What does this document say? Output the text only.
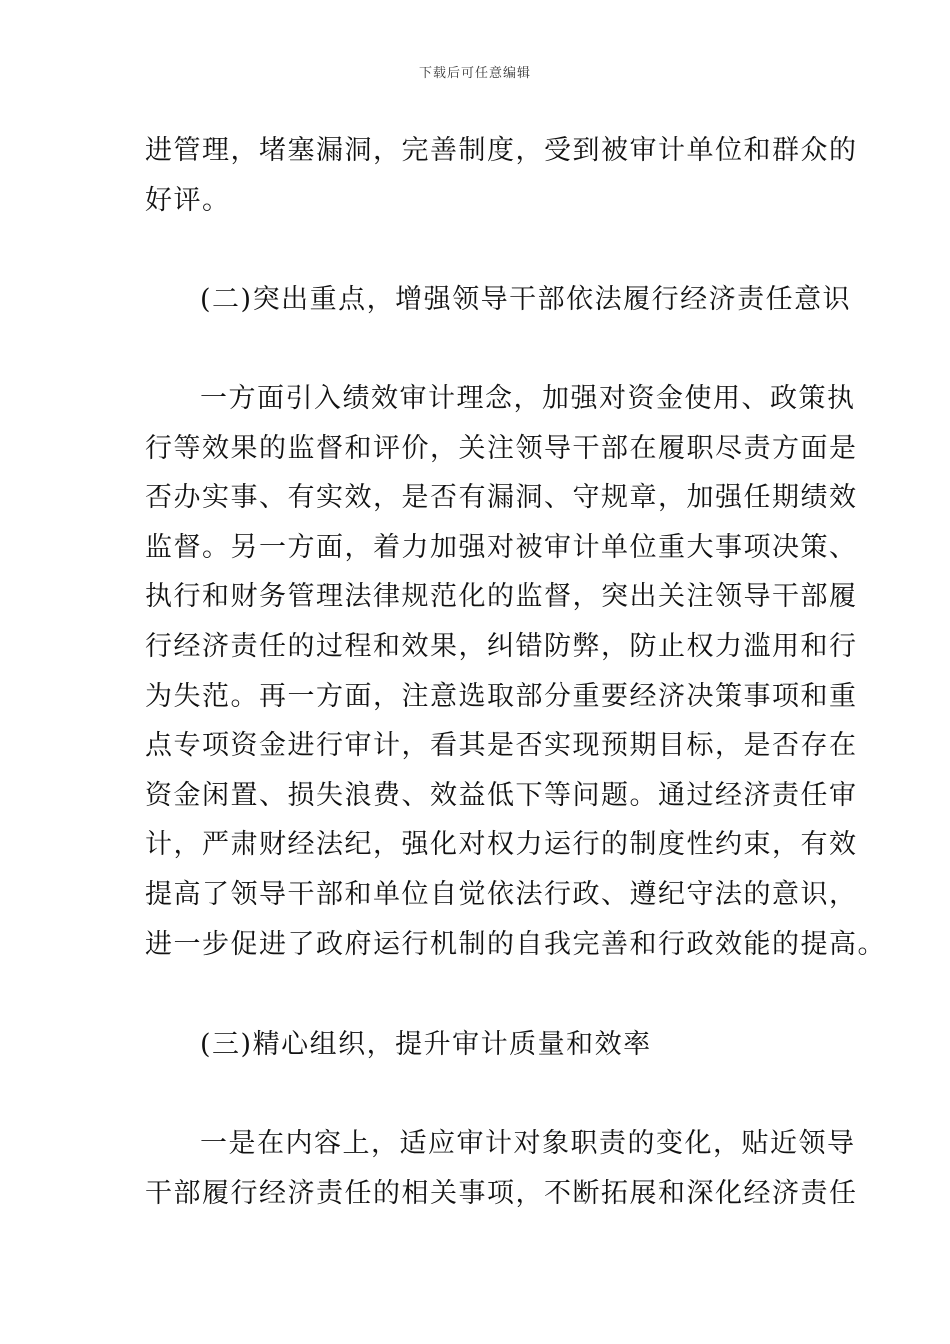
下载后可任意编辑
进管理，堵塞漏洞，完善制度，受到被审计单位和群众的
好评。
(二)突出重点，增强领导干部依法履行经济责任意识
一方面引入绩效审计理念，加强对资金使用、政策执
行等效果的监督和评价，关注领导干部在履职尽责方面是
否办实事、有实效，是否有漏洞、守规章，加强任期绩效
监督。另一方面，着力加强对被审计单位重大事项决策、
执行和财务管理法律规范化的监督，突出关注领导干部履
行经济责任的过程和效果，纠错防弊，防止权力滥用和行
为失范。再一方面，注意选取部分重要经济决策事项和重
点专项资金进行审计，看其是否实现预期目标，是否存在
资金闲置、损失浪费、效益低下等问题。通过经济责任审
计，严肃财经法纪，强化对权力运行的制度性约束，有效
提高了领导干部和单位自觉依法行政、遵纪守法的意识，
进一步促进了政府运行机制的自我完善和行政效能的提高。
(三)精心组织，提升审计质量和效率
一是在内容上，适应审计对象职责的变化，贴近领导
干部履行经济责任的相关事项，不断拓展和深化经济责任
